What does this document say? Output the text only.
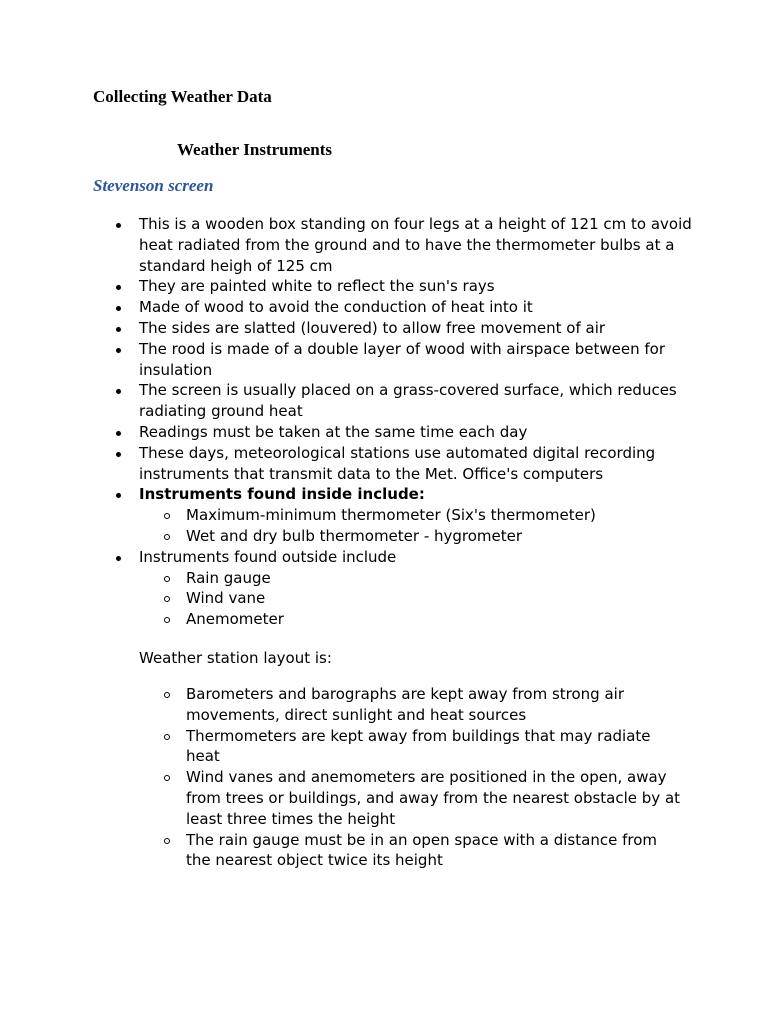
Collecting Weather Data
Weather Instruments
Stevenson screen
This is a wooden box standing on four legs at a height of 121 cm to avoid heat radiated from the ground and to have the thermometer bulbs at a standard heigh of 125 cm
They are painted white to reflect the sun's rays
Made of wood to avoid the conduction of heat into it
The sides are slatted (louvered) to allow free movement of air
The rood is made of a double layer of wood with airspace between for insulation
The screen is usually placed on a grass-covered surface, which reduces radiating ground heat
Readings must be taken at the same time each day
These days, meteorological stations use automated digital recording instruments that transmit data to the Met. Office's computers
Instruments found inside include:
Maximum-minimum thermometer (Six's thermometer)
Wet and dry bulb thermometer - hygrometer
Instruments found outside include
Rain gauge
Wind vane
Anemometer

Weather station layout is:

Barometers and barographs are kept away from strong air movements, direct sunlight and heat sources
Thermometers are kept away from buildings that may radiate heat
Wind vanes and anemometers are positioned in the open, away from trees or buildings, and away from the nearest obstacle by at least three times the height
The rain gauge must be in an open space with a distance from the nearest object twice its height
